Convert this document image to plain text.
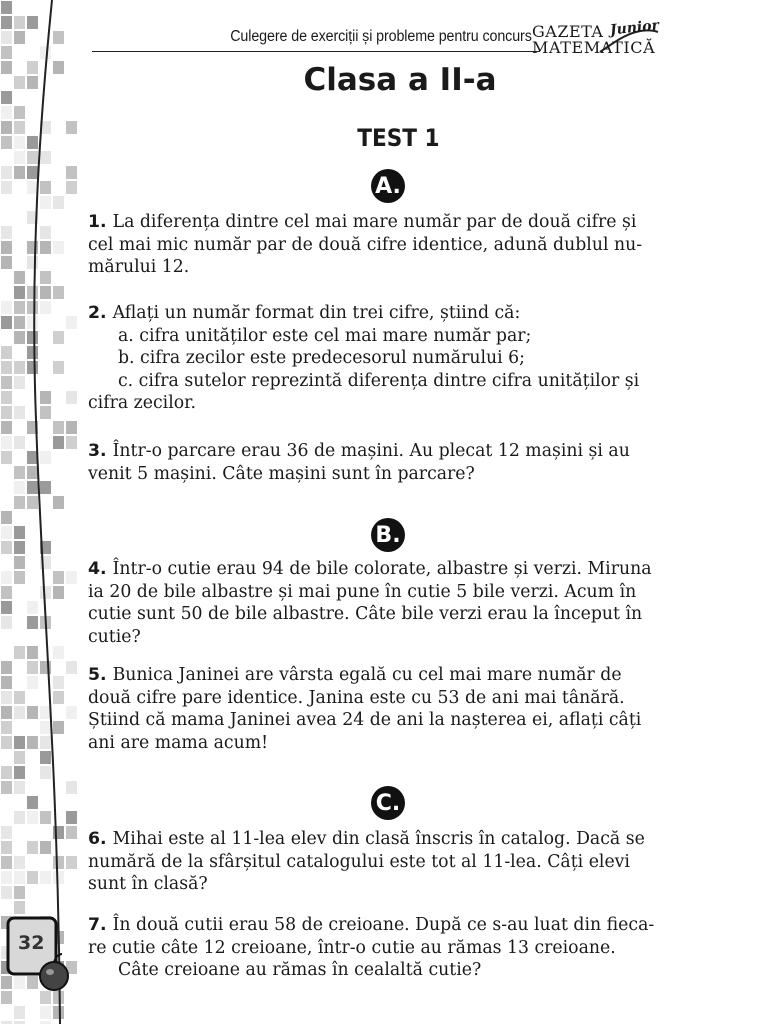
Culegere de exerciții și probleme pentru concurs GAZETA Junior
MATEMATICĂ
Clasa a II-a
TEST 1
A.
B.
C.
1. La diferența dintre cel mai mare număr par de două cifre și
cel mai mic număr par de două cifre identice, adună dublul nu-
mărului 12.
2. Aflați un număr format din trei cifre, știind că:
a. cifra unităților este cel mai mare număr par;
b. cifra zecilor este predecesorul numărului 6;
c. cifra sutelor reprezintă diferența dintre cifra unităților și
cifra zecilor.
3. Într-o parcare erau 36 de mașini. Au plecat 12 mașini și au
venit 5 mașini. Câte mașini sunt în parcare?
4. Într-o cutie erau 94 de bile colorate, albastre și verzi. Miruna
ia 20 de bile albastre și mai pune în cutie 5 bile verzi. Acum în
cutie sunt 50 de bile albastre. Câte bile verzi erau la început în
cutie?
5. Bunica Janinei are vârsta egală cu cel mai mare număr de
două cifre pare identice. Janina este cu 53 de ani mai tânără.
Știind că mama Janinei avea 24 de ani la nașterea ei, aflați câți
ani are mama acum!
6. Mihai este al 11-lea elev din clasă înscris în catalog. Dacă se
numără de la sfârșitul catalogului este tot al 11-lea. Câți elevi
sunt în clasă?
7. În două cutii erau 58 de creioane. După ce s-au luat din fieca-
re cutie câte 12 creioane, într-o cutie au rămas 13 creioane.
Câte creioane au rămas în cealaltă cutie?
32
